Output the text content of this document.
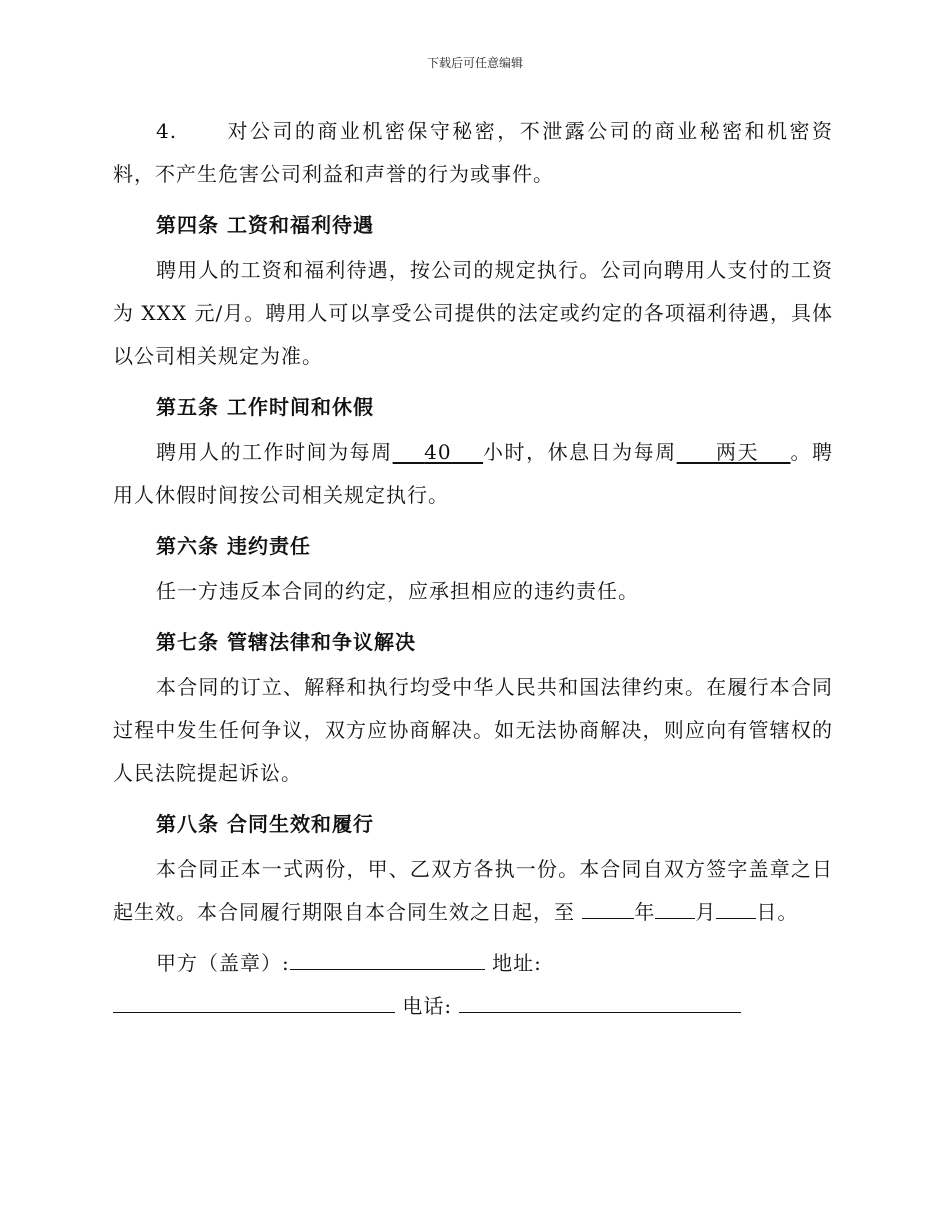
下载后可任意编辑

4. 对公司的商业机密保守秘密，不泄露公司的商业秘密和机密资料，不产生危害公司利益和声誉的行为或事件。

第四条 工资和福利待遇

聘用人的工资和福利待遇，按公司的规定执行。公司向聘用人支付的工资为 XXX 元/月。聘用人可以享受公司提供的法定或约定的各项福利待遇，具体以公司相关规定为准。

第五条 工作时间和休假

聘用人的工作时间为每周 40 小时，休息日为每周 两天 。聘用人休假时间按公司相关规定执行。

第六条 违约责任

任一方违反本合同的约定，应承担相应的违约责任。

第七条 管辖法律和争议解决

本合同的订立、解释和执行均受中华人民共和国法律约束。在履行本合同过程中发生任何争议，双方应协商解决。如无法协商解决，则应向有管辖权的人民法院提起诉讼。

第八条 合同生效和履行

本合同正本一式两份，甲、乙双方各执一份。本合同自双方签字盖章之日起生效。本合同履行期限自本合同生效之日起，至	年 月 日。

甲方（盖章）:	地址:
电话:
